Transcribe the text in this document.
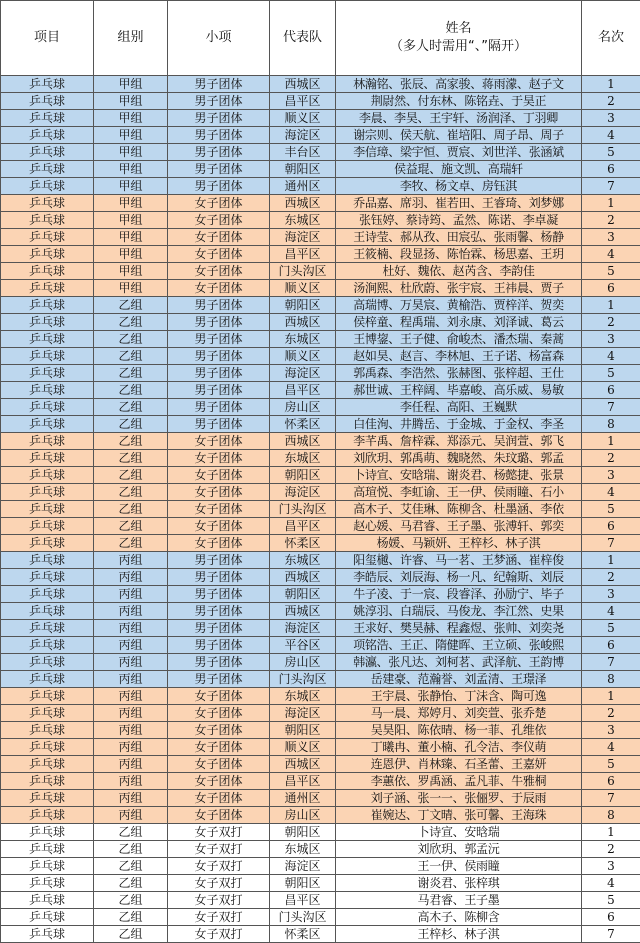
项目	组别	小项	代表队	姓名
（多人时需用“、”隔开）	名次
乒乓球	甲组	男子团体	西城区	林瀚铭、张辰、高家骏、蒋雨濛、赵子文	1
乒乓球	甲组	男子团体	昌平区	荆尉然、付东林、陈铭垚、于昊正	2
乒乓球	甲组	男子团体	顺义区	李晨、李昊、王宇轩、汤润泽、丁羽卿	3
乒乓球	甲组	男子团体	海淀区	谢宗则、侯天航、崔培阳、周子昂、周子	4
乒乓球	甲组	男子团体	丰台区	李信璋、梁宇恒、贾宸、刘世洋、张涵斌	5
乒乓球	甲组	男子团体	朝阳区	侯益琨、施文凯、高瑞轩	6
乒乓球	甲组	男子团体	通州区	李牧、杨文卓、房钰淇	7
乒乓球	甲组	女子团体	西城区	乔品嘉、席羽、崔若田、王睿琦、刘梦娜	1
乒乓球	甲组	女子团体	东城区	张钰婷、蔡诗筠、孟然、陈诺、李卓凝	2
乒乓球	甲组	女子团体	海淀区	王诗莹、郝从孜、田宸弘、张雨馨、杨静	3
乒乓球	甲组	女子团体	昌平区	王筱楠、段显扬、陈怡霖、杨思嘉、王玥	4
乒乓球	甲组	女子团体	门头沟区	杜好、魏依、赵芮含、李韵佳	5
乒乓球	甲组	女子团体	顺义区	汤涧熙、杜欣蔚、张宇宸、王祎晨、贾子	6
乒乓球	乙组	男子团体	朝阳区	高瑞博、万昊宸、黄榆浩、贾梓洋、贺奕	1
乒乓球	乙组	男子团体	西城区	侯梓童、程禹瑞、刘永康、刘泽诚、葛云	2
乒乓球	乙组	男子团体	东城区	王博鋆、王子健、俞峻杰、潘杰瑞、秦蒿	3
乒乓球	乙组	男子团体	顺义区	赵如昊、赵言、李林旭、王子诺、杨富森	4
乒乓球	乙组	男子团体	海淀区	郭禹森、李浩然、张赫图、张梓超、王仕	5
乒乓球	乙组	男子团体	昌平区	郝世诚、王梓阔、毕嘉峻、高乐威、易敏	6
乒乓球	乙组	男子团体	房山区	李任程、高阳、王巍默	7
乒乓球	乙组	男子团体	怀柔区	白佳洵、井腾岳、于金城、于金权、李圣	8
乒乓球	乙组	女子团体	西城区	李芊禹、詹梓霖、郑添元、吴润萱、郭飞	1
乒乓球	乙组	女子团体	东城区	刘欣玥、郭禹萌、魏晓然、朱玟璐、郭孟	2
乒乓球	乙组	女子团体	朝阳区	卜诗宣、安晗瑞、谢炎君、杨懿捷、张景	3
乒乓球	乙组	女子团体	海淀区	高瑄悦、李虹谕、王一伊、侯雨瞳、石小	4
乒乓球	乙组	女子团体	门头沟区	高木子、艾佳琳、陈柳含、杜墨涵、李依	5
乒乓球	乙组	女子团体	昌平区	赵心媛、马君睿、王子墨、张溥轩、郭奕	6
乒乓球	乙组	女子团体	怀柔区	杨媛、马颖妍、王梓杉、林子淇	7
乒乓球	丙组	男子团体	东城区	阳玺樾、许睿、马一茗、王梦涵、崔梓俊	1
乒乓球	丙组	男子团体	西城区	李皓辰、刘辰海、杨一凡、纪翰斯、刘辰	2
乒乓球	丙组	男子团体	朝阳区	牛子凌、于一宸、段睿泽、孙励宁、毕子	3
乒乓球	丙组	男子团体	西城区	姚淳羽、白瑞辰、马俊龙、李江然、史果	4
乒乓球	丙组	男子团体	海淀区	王求好、樊昊赫、程鑫煜、张帅、刘奕尧	5
乒乓球	丙组	男子团体	平谷区	项铭浩、王正、隋健晖、王立硕、张峻熙	6
乒乓球	丙组	男子团体	房山区	韩瀛、张凡达、刘柯茗、武泽航、王韵博	7
乒乓球	丙组	男子团体	门头沟区	岳建豪、范瀚誉、刘孟清、王璟泽	8
乒乓球	丙组	女子团体	东城区	王宇晨、张静怡、丁沫含、陶可逸	1
乒乓球	丙组	女子团体	海淀区	马一晨、郑婷月、刘奕萱、张乔楚	2
乒乓球	丙组	女子团体	朝阳区	吴昊阳、陈依晴、杨一菲、孔维依	3
乒乓球	丙组	女子团体	顺义区	丁曦冉、董小楠、孔令洁、李仪萌	4
乒乓球	丙组	女子团体	西城区	连恩伊、肖林臻、石圣蕾、王嘉妍	5
乒乓球	丙组	女子团体	昌平区	李蕙依、罗禹涵、孟凡菲、牛雅桐	6
乒乓球	丙组	女子团体	通州区	刘子涵、张一一、张俪罗、于辰雨	7
乒乓球	丙组	女子团体	房山区	崔婉达、丁文晴、张可馨、王海珠	8
乒乓球	乙组	女子双打	朝阳区	卜诗宣、安晗瑞	1
乒乓球	乙组	女子双打	东城区	刘欣玥、郭孟沅	2
乒乓球	乙组	女子双打	海淀区	王一伊、侯雨瞳	3
乒乓球	乙组	女子双打	朝阳区	谢炎君、张梓琪	4
乒乓球	乙组	女子双打	昌平区	马君睿、王子墨	5
乒乓球	乙组	女子双打	门头沟区	高木子、陈柳含	6
乒乓球	乙组	女子双打	怀柔区	王梓杉、林子淇	7
